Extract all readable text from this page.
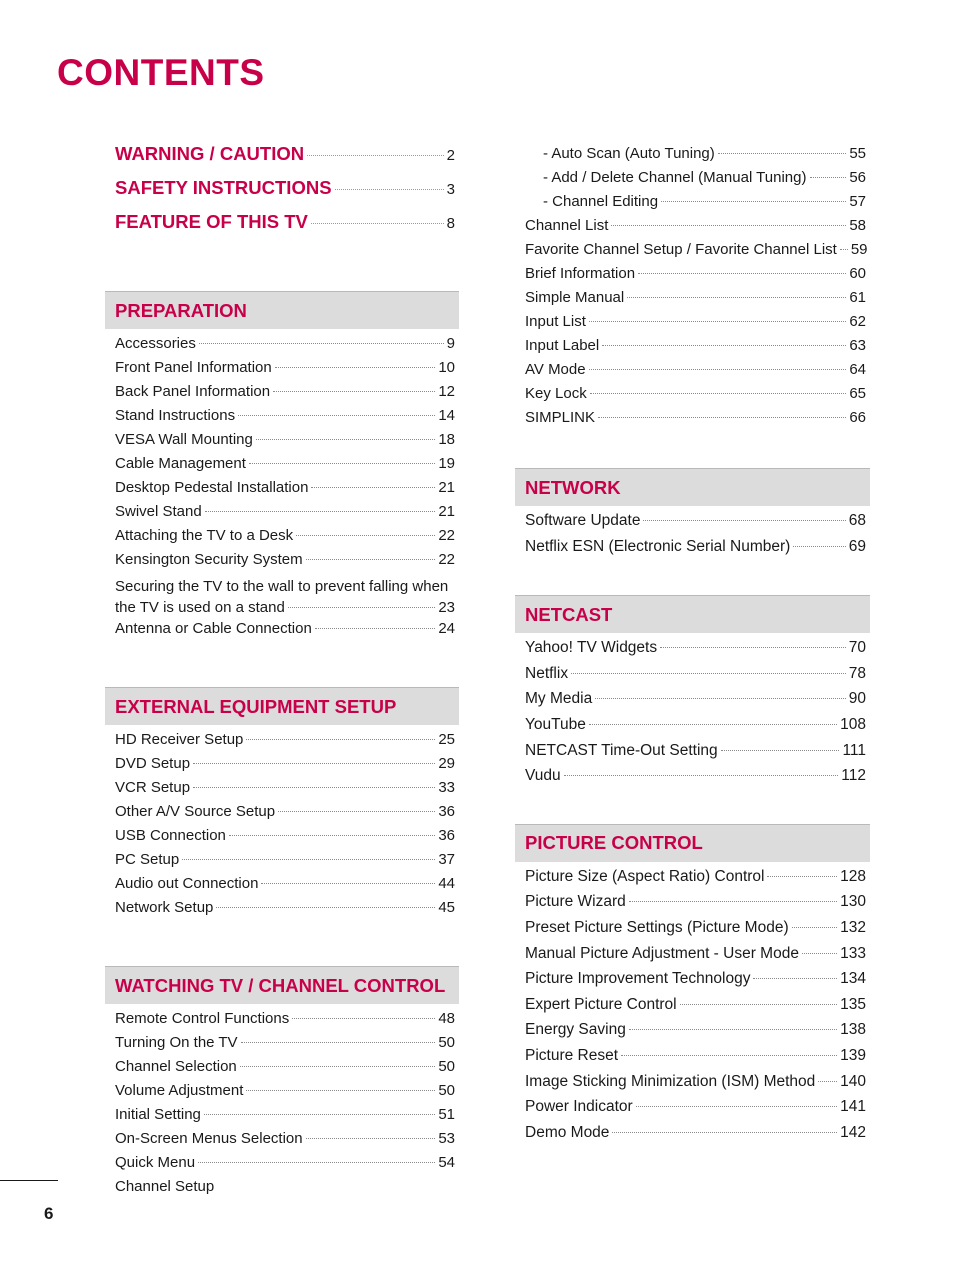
CONTENTS
WARNING / CAUTION	2
SAFETY INSTRUCTIONS	3
FEATURE OF THIS TV	8
PREPARATION
Accessories	9
Front Panel Information	10
Back Panel Information	12
Stand Instructions	14
VESA Wall Mounting	18
Cable Management	19
Desktop Pedestal Installation	21
Swivel Stand	21
Attaching the TV to a Desk	22
Kensington Security System	22
Securing the TV to the wall to prevent falling when
the TV is used on a stand	23
Antenna or Cable Connection	24
EXTERNAL EQUIPMENT SETUP
HD Receiver Setup	25
DVD Setup	29
VCR Setup	33
Other A/V Source Setup	36
USB Connection	36
PC Setup	37
Audio out Connection	44
Network Setup	45
WATCHING TV / CHANNEL CONTROL
Remote Control Functions	48
Turning On the TV	50
Channel Selection	50
Volume Adjustment	50
Initial Setting	51
On-Screen Menus Selection	53
Quick Menu	54
Channel Setup
- Auto Scan (Auto Tuning)	55
- Add / Delete Channel (Manual Tuning)	56
- Channel Editing	57
Channel List	58
Favorite Channel Setup / Favorite Channel List 59
Brief Information	60
Simple Manual	61
Input List	62
Input Label	63
AV Mode	64
Key Lock	65
SIMPLINK	66
NETWORK
Software Update	68
Netflix ESN (Electronic Serial Number)	69
NETCAST
Yahoo! TV Widgets	70
Netflix	78
My Media	90
YouTube	108
NETCAST Time-Out Setting	111
Vudu	112
PICTURE CONTROL
Picture Size (Aspect Ratio) Control	128
Picture Wizard	130
Preset Picture Settings (Picture Mode)	132
Manual Picture Adjustment - User Mode	133
Picture Improvement Technology	134
Expert Picture Control	135
Energy Saving	138
Picture Reset	139
Image Sticking Minimization (ISM) Method 140
Power Indicator	141
Demo Mode	142
6
